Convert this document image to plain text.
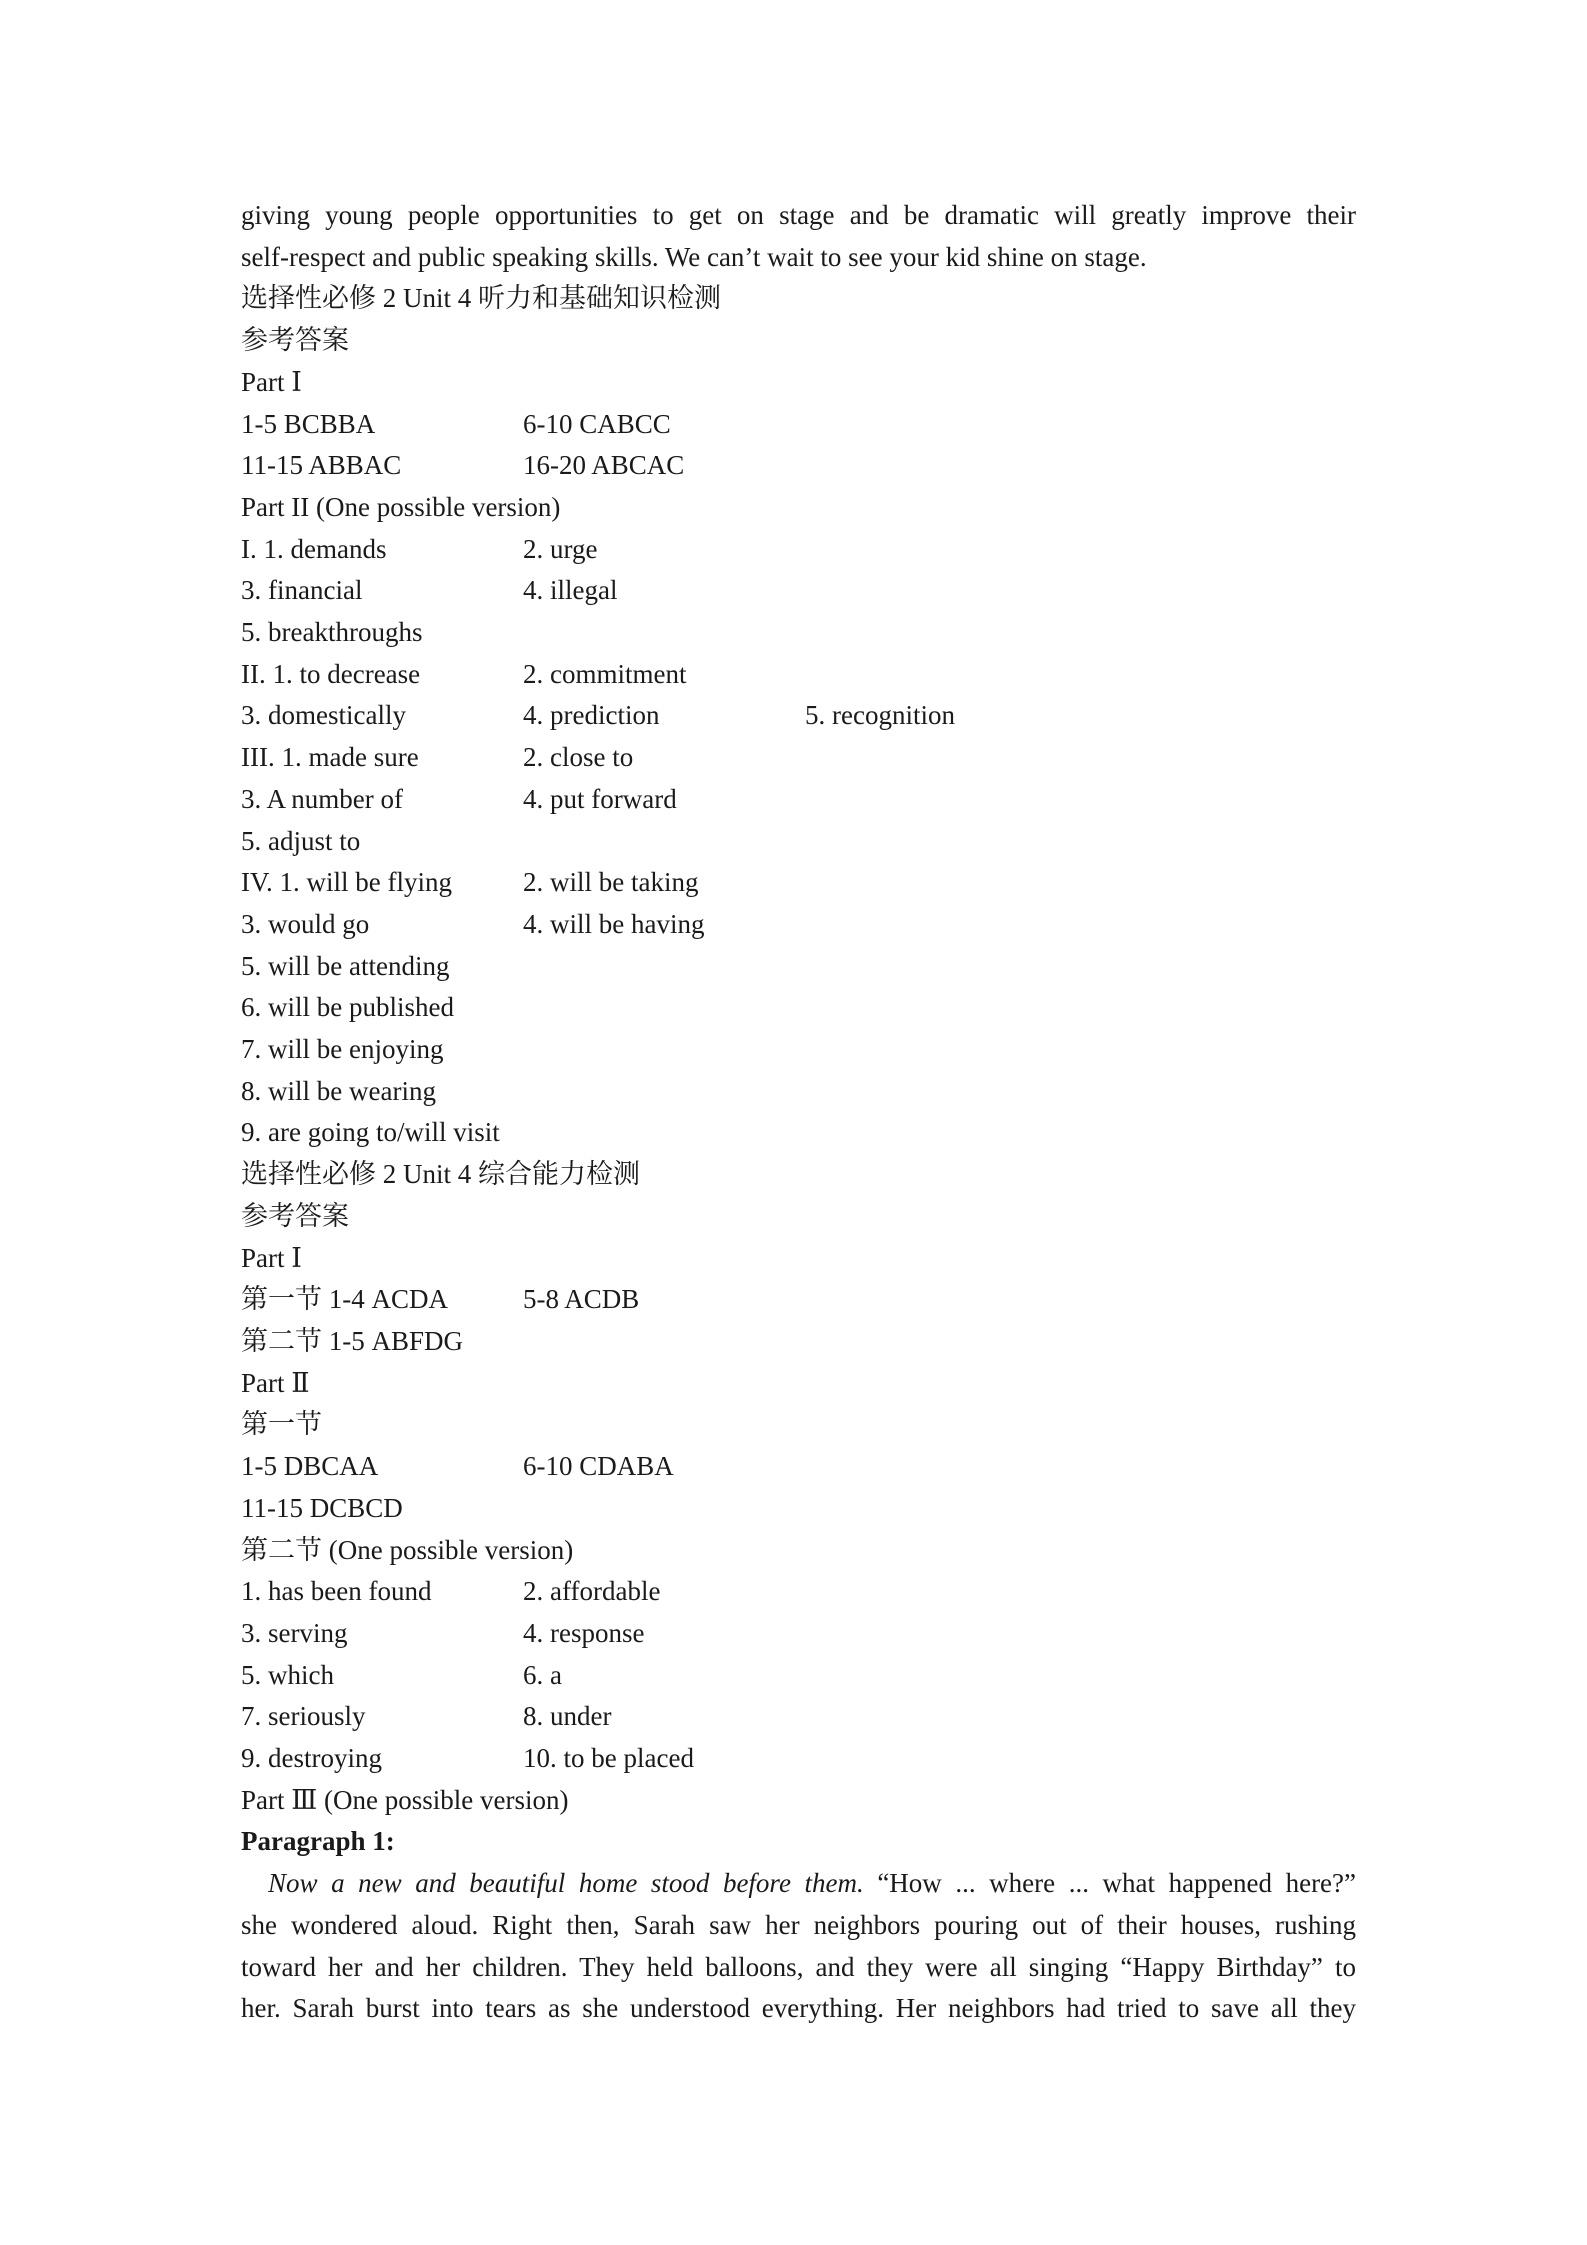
giving young people opportunities to get on stage and be dramatic will greatly improve their
self-respect and public speaking skills. We can’t wait to see your kid shine on stage.
选择性必修 2 Unit 4 听力和基础知识检测
参考答案
Part Ⅰ
1-5 BCBBA	6-10 CABCC
11-15 ABBAC	16-20 ABCAC
Part II (One possible version)
I. 1. demands	2. urge
3. financial	4. illegal
5. breakthroughs
II. 1. to decrease	2. commitment
3. domestically	4. prediction	5. recognition
III. 1. made sure	2. close to
3. A number of	4. put forward
5. adjust to
IV. 1. will be flying	2. will be taking
3. would go	4. will be having
5. will be attending
6. will be published
7. will be enjoying
8. will be wearing
9. are going to/will visit
选择性必修 2 Unit 4 综合能力检测
参考答案
Part Ⅰ
第一节 1-4 ACDA	5-8 ACDB
第二节 1-5 ABFDG
Part Ⅱ
第一节
1-5 DBCAA	6-10 CDABA
11-15 DCBCD
第二节 (One possible version)
1. has been found	2. affordable
3. serving	4. response
5. which	6. a
7. seriously	8. under
9. destroying	10. to be placed
Part Ⅲ (One possible version)
Paragraph 1:
Now a new and beautiful home stood before them. “How ... where ... what happened here?”
she wondered aloud. Right then, Sarah saw her neighbors pouring out of their houses, rushing
toward her and her children. They held balloons, and they were all singing “Happy Birthday” to
her. Sarah burst into tears as she understood everything. Her neighbors had tried to save all they
